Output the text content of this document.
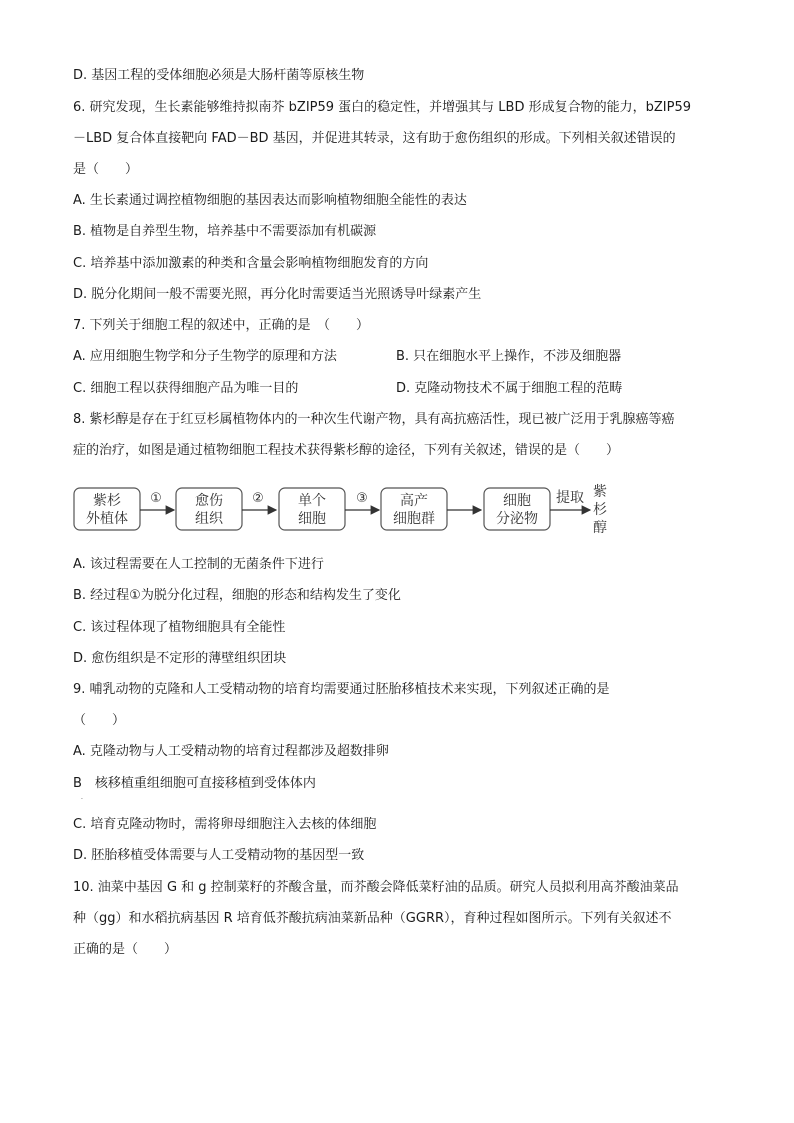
D. 基因工程的受体细胞必须是大肠杆菌等原核生物
6. 研究发现，生长素能够维持拟南芥 bZIP59 蛋白的稳定性，并增强其与 LBD 形成复合物的能力，bZIP59
－LBD 复合体直接靶向 FAD－BD 基因，并促进其转录，这有助于愈伤组织的形成。下列相关叙述错误的
是（　　）
A. 生长素通过调控植物细胞的基因表达而影响植物细胞全能性的表达
B. 植物是自养型生物，培养基中不需要添加有机碳源
C. 培养基中添加激素的种类和含量会影响植物细胞发育的方向
D. 脱分化期间一般不需要光照，再分化时需要适当光照诱导叶绿素产生
7. 下列关于细胞工程的叙述中，正确的是　（　　）
A. 应用细胞生物学和分子生物学的原理和方法	B. 只在细胞水平上操作，不涉及细胞器
C. 细胞工程以获得细胞产品为唯一目的	D. 克隆动物技术不属于细胞工程的范畴
8. 紫杉醇是存在于红豆杉属植物体内的一种次生代谢产物，具有高抗癌活性，现已被广泛用于乳腺癌等癌
症的治疗，如图是通过植物细胞工程技术获得紫杉醇的途径，下列有关叙述，错误的是（　　）
紫杉
外植体
① 愈伤
组织
② 单个
细胞
③ 高产
细胞群
细胞
分泌物
提取 紫
杉
醇
A. 该过程需要在人工控制的无菌条件下进行
B. 经过程①为脱分化过程，细胞的形态和结构发生了变化
C. 该过程体现了植物细胞具有全能性
D. 愈伤组织是不定形的薄壁组织团块
9. 哺乳动物的克隆和人工受精动物的培育均需要通过胚胎移植技术来实现，下列叙述正确的是
（　　）
A. 克隆动物与人工受精动物的培育过程都涉及超数排卵
B　核移植重组细胞可直接移植到受体体内
.
C. 培育克隆动物时，需将卵母细胞注入去核的体细胞
D. 胚胎移植受体需要与人工受精动物的基因型一致
10. 油菜中基因 G 和 g 控制菜籽的芥酸含量，而芥酸会降低菜籽油的品质。研究人员拟利用高芥酸油菜品
种（gg）和水稻抗病基因 R 培育低芥酸抗病油菜新品种（GGRR），育种过程如图所示。下列有关叙述不
正确的是（　　）
